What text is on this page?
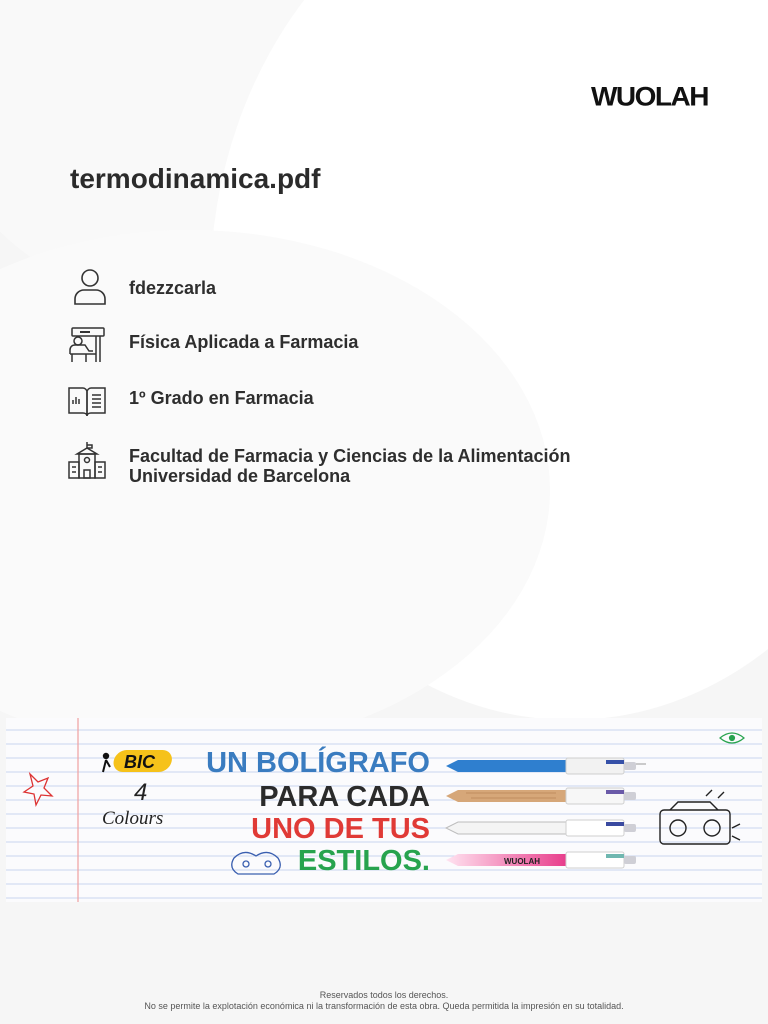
WUOLAH
termodinamica.pdf
fdezzcarla
Física Aplicada a Farmacia
1º Grado en Farmacia
Facultad de Farmacia y Ciencias de la Alimentación
Universidad de Barcelona
BIC
4
Colours
UN BOLÍGRAFO
PARA CADA
UNO DE TUS
ESTILOS.	WUOLAH
Reservados todos los derechos.
No se permite la explotación económica ni la transformación de esta obra. Queda permitida la impresión en su totalidad.
